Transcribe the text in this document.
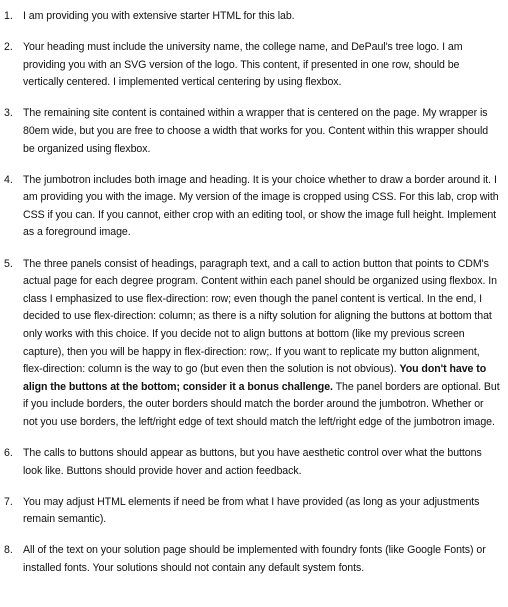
1. I am providing you with extensive starter HTML for this lab.
2. Your heading must include the university name, the college name, and DePaul's tree logo. I am providing you with an SVG version of the logo. This content, if presented in one row, should be vertically centered. I implemented vertical centering by using flexbox.
3. The remaining site content is contained within a wrapper that is centered on the page. My wrapper is 80em wide, but you are free to choose a width that works for you. Content within this wrapper should be organized using flexbox.
4. The jumbotron includes both image and heading. It is your choice whether to draw a border around it. I am providing you with the image. My version of the image is cropped using CSS. For this lab, crop with CSS if you can. If you cannot, either crop with an editing tool, or show the image full height. Implement as a foreground image.
5. The three panels consist of headings, paragraph text, and a call to action button that points to CDM's actual page for each degree program. Content within each panel should be organized using flexbox. In class I emphasized to use flex-direction: row; even though the panel content is vertical. In the end, I decided to use flex-direction: column; as there is a nifty solution for aligning the buttons at bottom that only works with this choice. If you decide not to align buttons at bottom (like my previous screen capture), then you will be happy in flex-direction: row;. If you want to replicate my button alignment, flex-direction: column is the way to go (but even then the solution is not obvious). You don't have to align the buttons at the bottom; consider it a bonus challenge. The panel borders are optional. But if you include borders, the outer borders should match the border around the jumbotron. Whether or not you use borders, the left/right edge of text should match the left/right edge of the jumbotron image.
6. The calls to buttons should appear as buttons, but you have aesthetic control over what the buttons look like. Buttons should provide hover and action feedback.
7. You may adjust HTML elements if need be from what I have provided (as long as your adjustments remain semantic).
8. All of the text on your solution page should be implemented with foundry fonts (like Google Fonts) or installed fonts. Your solutions should not contain any default system fonts.
